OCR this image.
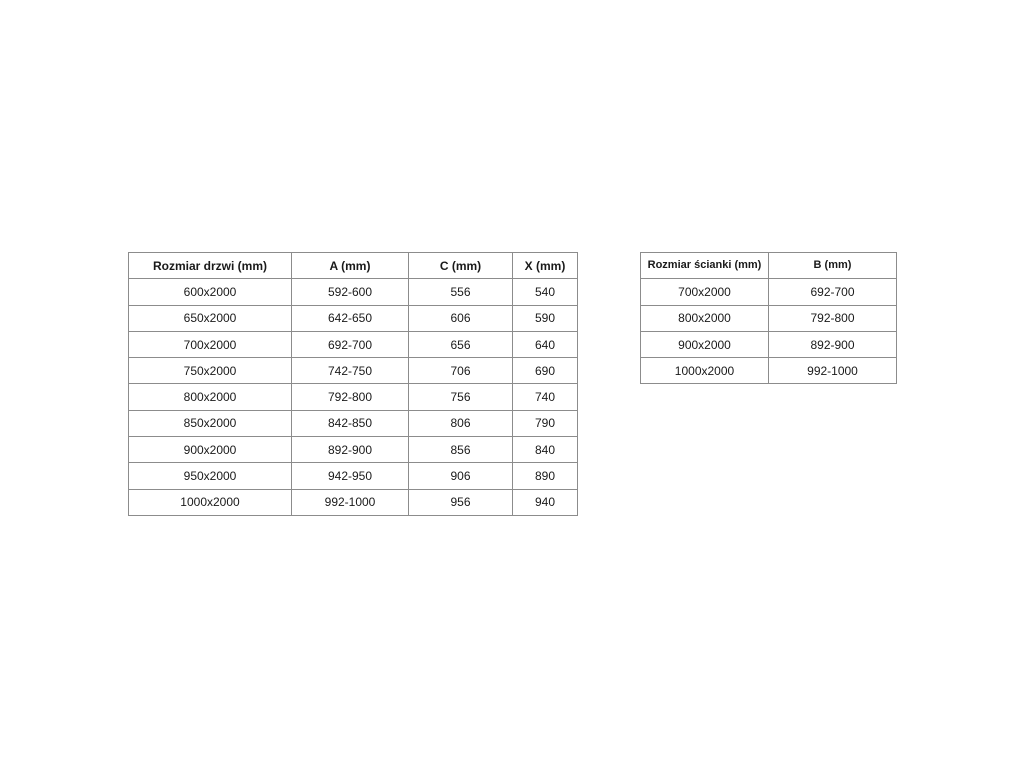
Rozmiar drzwi (mm)	A (mm)	C (mm)	X (mm)
600x2000	592-600	556	540
650x2000	642-650	606	590
700x2000	692-700	656	640
750x2000	742-750	706	690
800x2000	792-800	756	740
850x2000	842-850	806	790
900x2000	892-900	856	840
950x2000	942-950	906	890
1000x2000	992-1000	956	940
Rozmiar ścianki (mm)	B (mm)
700x2000	692-700
800x2000	792-800
900x2000	892-900
1000x2000	992-1000
